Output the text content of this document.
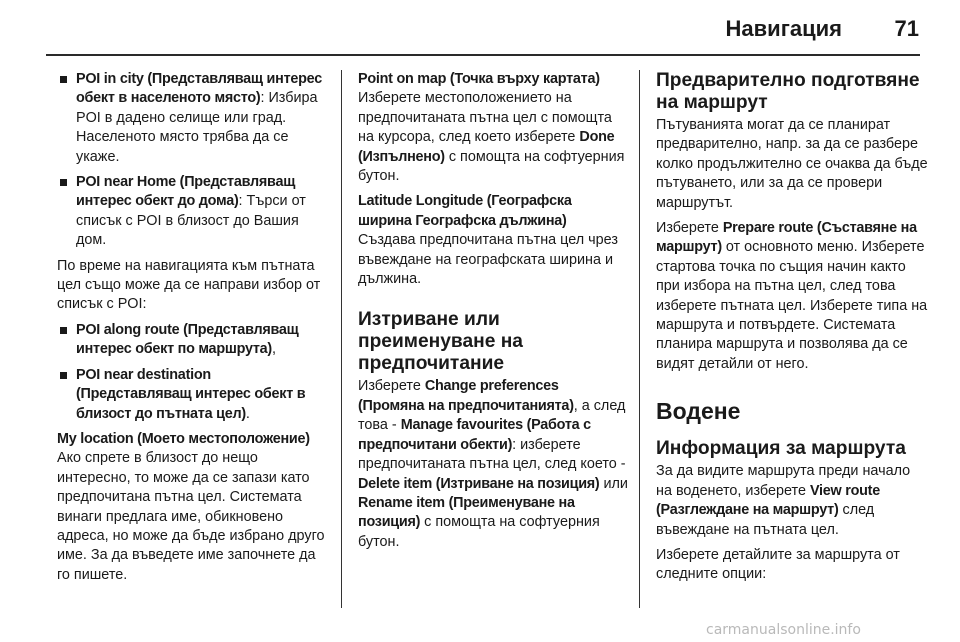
Навигация 71
POI in city (Представляващ интерес обект в населеното място): Избира POI в дадено селище или град. Населеното място трябва да се укаже.
POI near Home (Представляващ интерес обект до дома): Търси от списък с POI в близост до Вашия дом.

По време на навигацията към пътната цел също може да се направи избор от списък с POI:

POI along route (Представляващ интерес обект по маршрута),
POI near destination (Представляващ интерес обект в близост до пътната цел).

My location (Моето местоположение)
Ако спрете в близост до нещо интересно, то може да се запази като предпочитана пътна цел. Системата винаги предлага име, обикновено адреса, но може да бъде избрано друго име. За да въведете име започнете да го пишете.

Point on map (Точка върху картата)
Изберете местоположението на предпочитаната пътна цел с помощта на курсора, след което изберете Done (Изпълнено) с помощта на софтуерния бутон.

Latitude Longitude (Географска ширина Географска дължина)
Създава предпочитана пътна цел чрез въвеждане на географската ширина и дължина.

Изтриване или преименуване на предпочитание

Изберете Change preferences (Промяна на предпочитанията), а след това - Manage favourites (Работа с предпочитани обекти): изберете предпочитаната пътна цел, след което - Delete item (Изтриване на позиция) или Rename item (Преименуване на позиция) с помощта на софтуерния бутон.

Предварително подготвяне на маршрут

Пътуванията могат да се планират предварително, напр. за да се разбере колко продължително се очаква да бъде пътуването, или за да се провери маршрутът.

Изберете Prepare route (Съставяне на маршрут) от основното меню. Изберете стартова точка по същия начин както при избора на пътна цел, след това изберете пътната цел. Изберете типа на маршрута и потвърдете. Системата планира маршрута и позволява да се видят детайли от него.

Водене
Информация за маршрута

За да видите маршрута преди начало на воденето, изберете View route (Разглеждане на маршрут) след въвеждане на пътната цел.

Изберете детайлите за маршрута от следните опции:

carmanualsonline.info
